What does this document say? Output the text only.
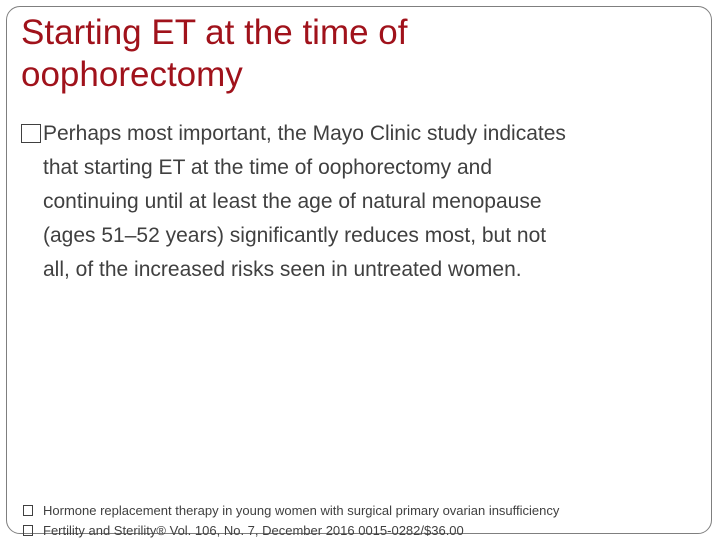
Starting ET at the time of
oophorectomy
Perhaps most important, the Mayo Clinic study indicates
that starting ET at the time of oophorectomy and
continuing until at least the age of natural menopause
(ages 51–52 years) significantly reduces most, but not
all, of the increased risks seen in untreated women.
Hormone replacement therapy in young women with surgical primary ovarian insufficiency
Fertility and Sterility® Vol. 106, No. 7, December 2016 0015-0282/$36.00
